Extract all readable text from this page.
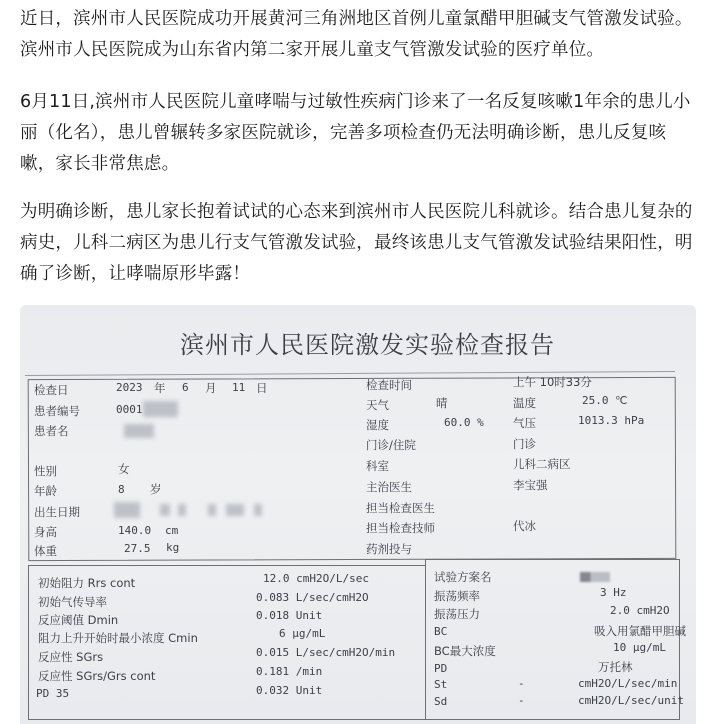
近日，滨州市人民医院成功开展黄河三角洲地区首例儿童氯醋甲胆碱支气管激发试验。滨州市人民医院成为山东省内第二家开展儿童支气管激发试验的医疗单位。

6月11日,滨州市人民医院儿童哮喘与过敏性疾病门诊来了一名反复咳嗽1年余的患儿小丽（化名），患儿曾辗转多家医院就诊，完善多项检查仍无法明确诊断，患儿反复咳嗽，家长非常焦虑。

为明确诊断，患儿家长抱着试试的心态来到滨州市人民医院儿科就诊。结合患儿复杂的病史，儿科二病区为患儿行支气管激发试验，最终该患儿支气管激发试验结果阳性，明确了诊断，让哮喘原形毕露！

滨州市人民医院激发实验检查报告
检查日	2023 年 6 月 11 日
患者编号	0001
患者名
性别	女
年龄	8 岁
出生日期
身高	140.0 cm
体重	27.5 kg
检查时间	上午 10时33分
天气	晴	温度	25.0 ℃
湿度	60.0 %	气压	1013.3 hPa
门诊/住院	门诊
科室	儿科二病区
主治医生	李宝强
担当检查医生
担当检查技师	代冰
药剂投与
初始阻力 Rrs cont	12.0 cmH2O/L/sec
初始气传导率	0.083 L/sec/cmH2O
反应阈值 Dmin	0.018 Unit
阻力上升开始时最小浓度 Cmin	6 μg/mL
反应性 SGrs	0.015 L/sec/cmH2O/min
反应性 SGrs/Grs cont	0.181 /min
PD 35	0.032 Unit
试验方案名
振荡频率	3 Hz
振荡压力	2.0 cmH2O
BC	吸入用氯醋甲胆碱
BC最大浓度	10 μg/mL
PD	万托林
St	-	cmH2O/L/sec/min
Sd	-	cmH2O/L/sec/unit
